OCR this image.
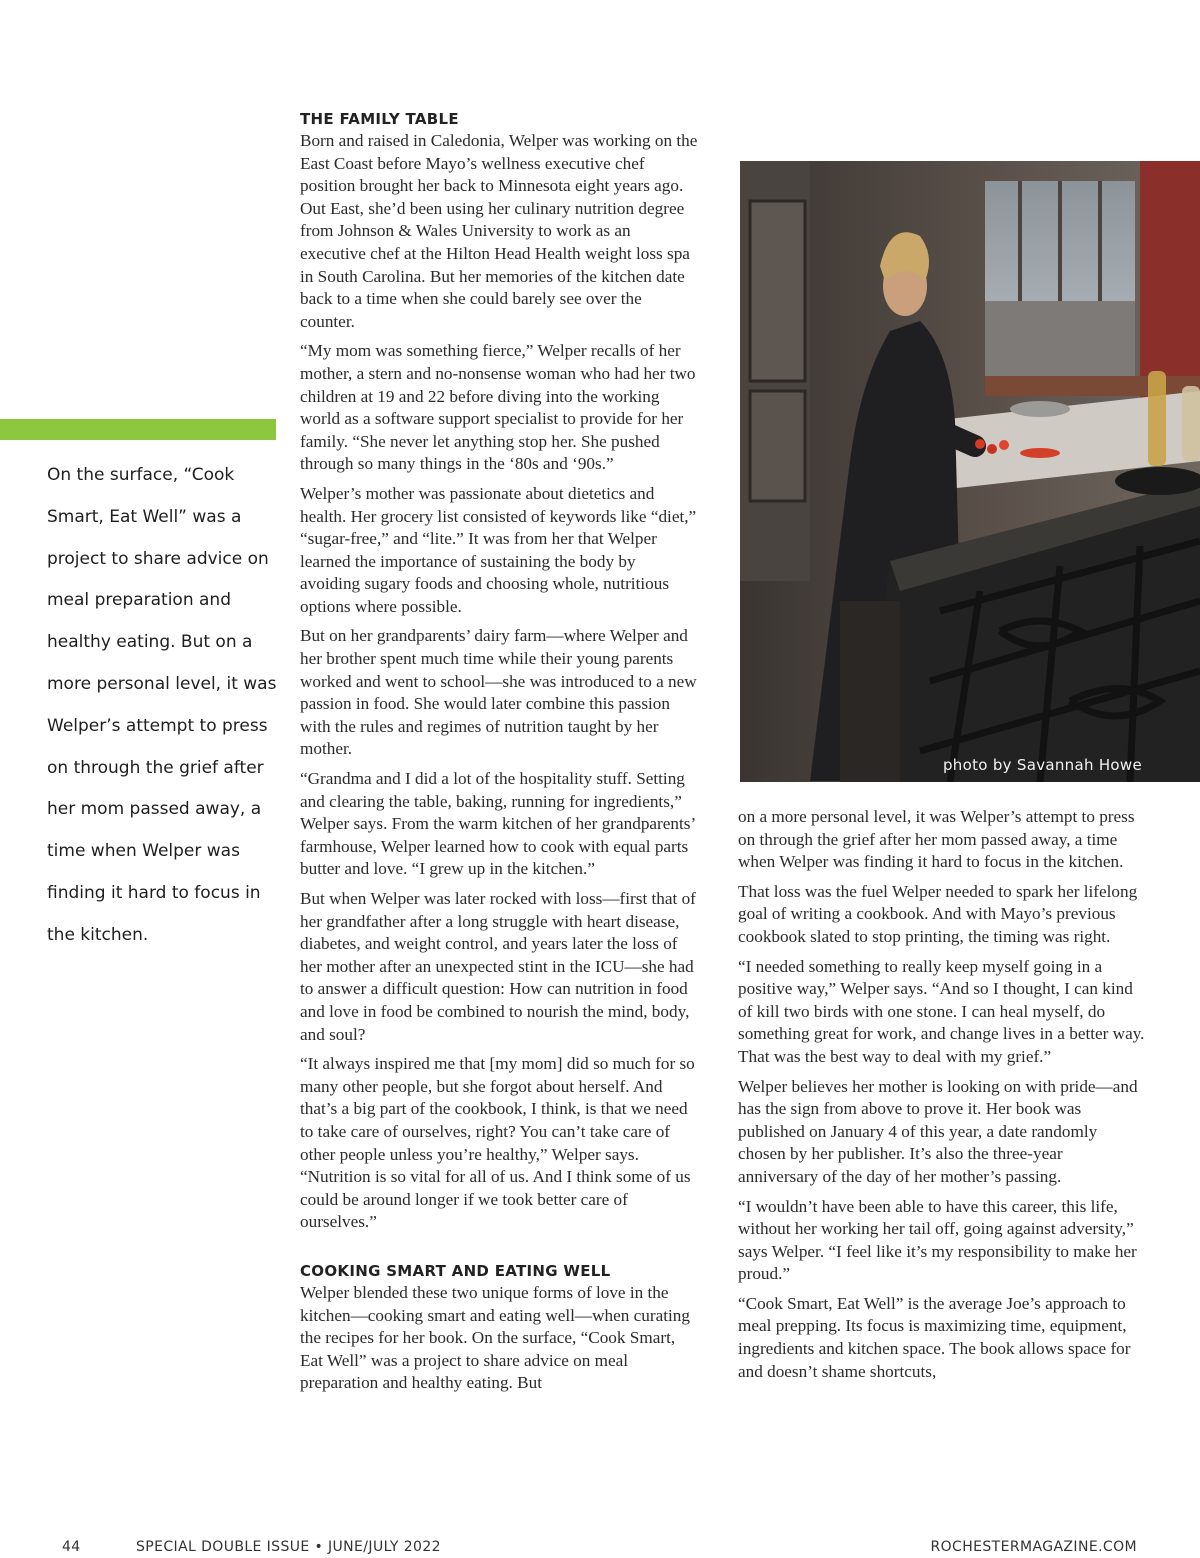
On the surface, “Cook Smart, Eat Well” was a project to share advice on meal preparation and healthy eating. But on a more personal level, it was Welper’s attempt to press on through the grief after her mom passed away, a time when Welper was finding it hard to focus in the kitchen.

THE FAMILY TABLE

Born and raised in Caledonia, Welper was working on the East Coast before Mayo’s wellness executive chef position brought her back to Minnesota eight years ago. Out East, she’d been using her culinary nutrition degree from Johnson & Wales University to work as an executive chef at the Hilton Head Health weight loss spa in South Carolina. But her memories of the kitchen date back to a time when she could barely see over the counter.

“My mom was something fierce,” Welper recalls of her mother, a stern and no-nonsense woman who had her two children at 19 and 22 before diving into the working world as a software support specialist to provide for her family. “She never let anything stop her. She pushed through so many things in the ‘80s and ‘90s.”

Welper’s mother was passionate about dietetics and health. Her grocery list consisted of keywords like “diet,” “sugar-free,” and “lite.” It was from her that Welper learned the importance of sustaining the body by avoiding sugary foods and choosing whole, nutritious options where possible.

But on her grandparents’ dairy farm—where Welper and her brother spent much time while their young parents worked and went to school—she was introduced to a new passion in food. She would later combine this passion with the rules and regimes of nutrition taught by her mother.

“Grandma and I did a lot of the hospitality stuff. Setting and clearing the table, baking, running for ingredients,” Welper says. From the warm kitchen of her grandparents’ farmhouse, Welper learned how to cook with equal parts butter and love. “I grew up in the kitchen.”

But when Welper was later rocked with loss—first that of her grandfather after a long struggle with heart disease, diabetes, and weight control, and years later the loss of her mother after an unexpected stint in the ICU—she had to answer a difficult question: How can nutrition in food and love in food be combined to nourish the mind, body, and soul?

“It always inspired me that [my mom] did so much for so many other people, but she forgot about herself. And that’s a big part of the cookbook, I think, is that we need to take care of ourselves, right? You can’t take care of other people unless you’re healthy,” Welper says. “Nutrition is so vital for all of us. And I think some of us could be around longer if we took better care of ourselves.”

COOKING SMART AND EATING WELL

Welper blended these two unique forms of love in the kitchen—cooking smart and eating well—when curating the recipes for her book. On the surface, “Cook Smart, Eat Well” was a project to share advice on meal preparation and healthy eating. But

photo by Savannah Howe

on a more personal level, it was Welper’s attempt to press on through the grief after her mom passed away, a time when Welper was finding it hard to focus in the kitchen.

That loss was the fuel Welper needed to spark her lifelong goal of writing a cookbook. And with Mayo’s previous cookbook slated to stop printing, the timing was right.

“I needed something to really keep myself going in a positive way,” Welper says. “And so I thought, I can kind of kill two birds with one stone. I can heal myself, do something great for work, and change lives in a better way. That was the best way to deal with my grief.”

Welper believes her mother is looking on with pride—and has the sign from above to prove it. Her book was published on January 4 of this year, a date randomly chosen by her publisher. It’s also the three-year anniversary of the day of her mother’s passing.

“I wouldn’t have been able to have this career, this life, without her working her tail off, going against adversity,” says Welper. “I feel like it’s my responsibility to make her proud.”

“Cook Smart, Eat Well” is the average Joe’s approach to meal prepping. Its focus is maximizing time, equipment, ingredients and kitchen space. The book allows space for and doesn’t shame shortcuts,

44	SPECIAL DOUBLE ISSUE • JUNE/JULY 2022	ROCHESTERMAGAZINE.COM
